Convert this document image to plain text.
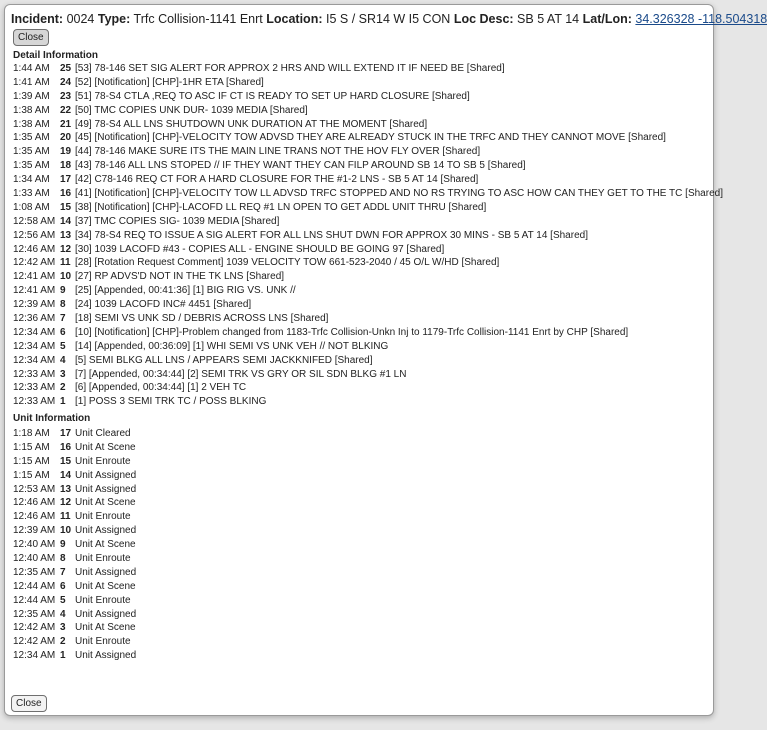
Incident: 0024 Type: Trfc Collision-1141 Enrt Location: I5 S / SR14 W I5 CON Loc Desc: SB 5 AT 14 Lat/Lon: 34.326328 -118.504318
Close
Detail Information
1:44 AM 25 [53] 78-146 SET SIG ALERT FOR APPROX 2 HRS AND WILL EXTEND IT IF NEED BE [Shared]
1:41 AM 24 [52] [Notification] [CHP]-1HR ETA [Shared]
1:39 AM 23 [51] 78-S4 CTLA ,REQ TO ASC IF CT IS READY TO SET UP HARD CLOSURE [Shared]
1:38 AM 22 [50] TMC COPIES UNK DUR- 1039 MEDIA [Shared]
1:38 AM 21 [49] 78-S4 ALL LNS SHUTDOWN UNK DURATION AT THE MOMENT [Shared]
1:35 AM 20 [45] [Notification] [CHP]-VELOCITY TOW ADVSD THEY ARE ALREADY STUCK IN THE TRFC AND THEY CANNOT MOVE [Shared]
1:35 AM 19 [44] 78-146 MAKE SURE ITS THE MAIN LINE TRANS NOT THE HOV FLY OVER [Shared]
1:35 AM 18 [43] 78-146 ALL LNS STOPED // IF THEY WANT THEY CAN FILP AROUND SB 14 TO SB 5 [Shared]
1:34 AM 17 [42] C78-146 REQ CT FOR A HARD CLOSURE FOR THE #1-2 LNS - SB 5 AT 14 [Shared]
1:33 AM 16 [41] [Notification] [CHP]-VELOCITY TOW LL ADVSD TRFC STOPPED AND NO RS TRYING TO ASC HOW CAN THEY GET TO THE TC [Shared]
1:08 AM 15 [38] [Notification] [CHP]-LACOFD LL REQ #1 LN OPEN TO GET ADDL UNIT THRU [Shared]
12:58 AM 14 [37] TMC COPIES SIG- 1039 MEDIA [Shared]
12:56 AM 13 [34] 78-S4 REQ TO ISSUE A SIG ALERT FOR ALL LNS SHUT DWN FOR APPROX 30 MINS - SB 5 AT 14 [Shared]
12:46 AM 12 [30] 1039 LACOFD #43 - COPIES ALL - ENGINE SHOULD BE GOING 97 [Shared]
12:42 AM 11 [28] [Rotation Request Comment] 1039 VELOCITY TOW 661-523-2040 / 45 O/L W/HD [Shared]
12:41 AM 10 [27] RP ADVS'D NOT IN THE TK LNS [Shared]
12:41 AM 9 [25] [Appended, 00:41:36] [1] BIG RIG VS. UNK //
12:39 AM 8 [24] 1039 LACOFD INC# 4451 [Shared]
12:36 AM 7 [18] SEMI VS UNK SD / DEBRIS ACROSS LNS [Shared]
12:34 AM 6 [10] [Notification] [CHP]-Problem changed from 1183-Trfc Collision-Unkn Inj to 1179-Trfc Collision-1141 Enrt by CHP [Shared]
12:34 AM 5 [14] [Appended, 00:36:09] [1] WHI SEMI VS UNK VEH // NOT BLKING
12:34 AM 4 [5] SEMI BLKG ALL LNS / APPEARS SEMI JACKKNIFED [Shared]
12:33 AM 3 [7] [Appended, 00:34:44] [2] SEMI TRK VS GRY OR SIL SDN BLKG #1 LN
12:33 AM 2 [6] [Appended, 00:34:44] [1] 2 VEH TC
12:33 AM 1 [1] POSS 3 SEMI TRK TC / POSS BLKING
Unit Information
1:18 AM 17 Unit Cleared
1:15 AM 16 Unit At Scene
1:15 AM 15 Unit Enroute
1:15 AM 14 Unit Assigned
12:53 AM 13 Unit Assigned
12:46 AM 12 Unit At Scene
12:46 AM 11 Unit Enroute
12:39 AM 10 Unit Assigned
12:40 AM 9 Unit At Scene
12:40 AM 8 Unit Enroute
12:35 AM 7 Unit Assigned
12:44 AM 6 Unit At Scene
12:44 AM 5 Unit Enroute
12:35 AM 4 Unit Assigned
12:42 AM 3 Unit At Scene
12:42 AM 2 Unit Enroute
12:34 AM 1 Unit Assigned
Close
